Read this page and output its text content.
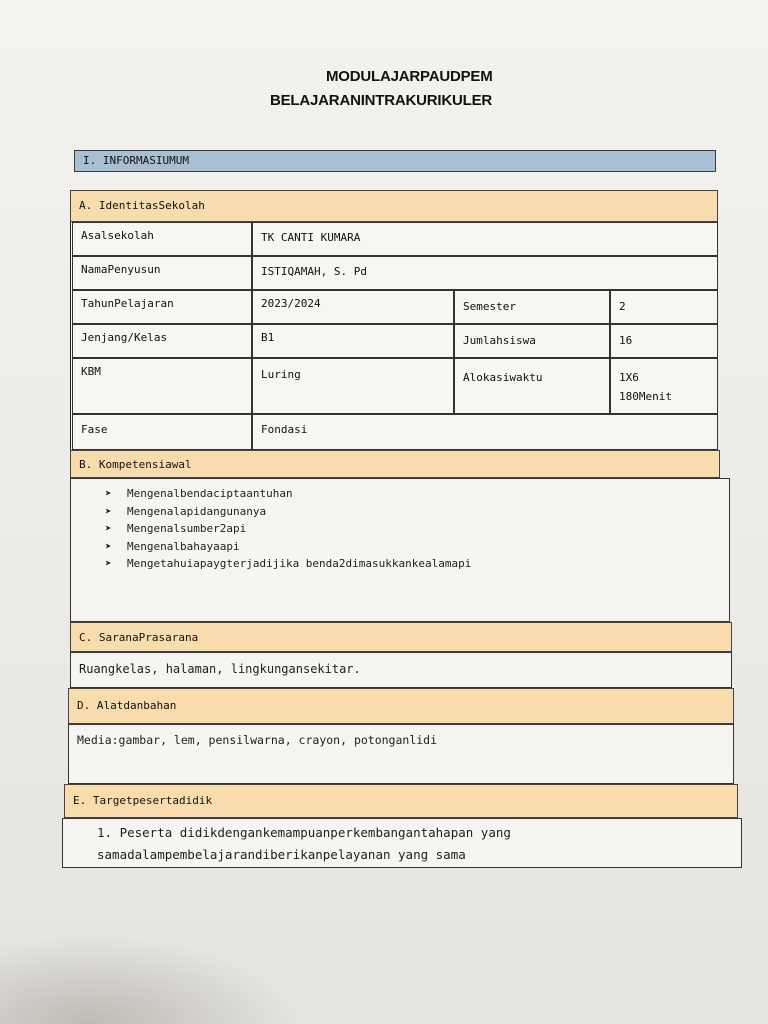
MODULAJARPAUDPEM
BELAJARANINTRAKURIKULER
I. INFORMASIUMUM
A. IdentitasSekolah
Asalsekolah	TK CANTI KUMARA
NamaPenyusun	ISTIQAMAH, S. Pd
TahunPelajaran	2023/2024	Semester	2
Jenjang/Kelas	B1	Jumlahsiswa	16
KBM	Luring	Alokasiwaktu	1X6
180Menit
Fase	Fondasi
B. Kompetensiawal
➤ Mengenalbendaciptaantuhan
➤ Mengenalapidangunanya
➤ Mengenalsumber2api
➤ Mengenalbahayaapi
➤ Mengetahuiapaygterjadijika benda2dimasukkankealamapi
C. SaranaPrasarana
Ruangkelas, halaman, lingkungansekitar.
D. Alatdanbahan
Media:gambar, lem, pensilwarna, crayon, potonganlidi
E. Targetpesertadidik
1. Peserta didikdengankemampuanperkembangantahapan yang
samadalampembelajarandiberikanpelayanan yang sama
